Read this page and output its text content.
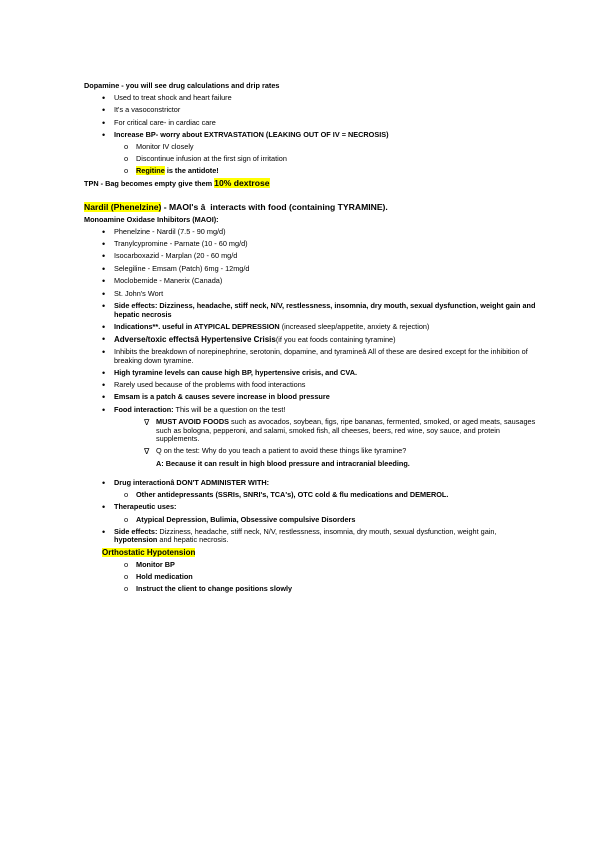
Dopamine - you will see drug calculations and drip rates
•	Used to treat shock and heart failure
•	It's a vasoconstrictor
•	For critical care- in cardiac care
•	Increase BP- worry about EXTRVASTATION (LEAKING OUT OF IV = NECROSIS)
o	Monitor IV closely
o	Discontinue infusion at the first sign of irritation
o	Regitine is the antidote!
TPN - Bag becomes empty give them 10% dextrose
Nardil (Phenelzine) - MAOI's â  interacts with food (containing TYRAMINE).
Monoamine Oxidase Inhibitors (MAOI):
•	Phenelzine - Nardil (7.5 - 90 mg/d)
•	Tranylcypromine - Parnate (10 - 60 mg/d)
•	Isocarboxazid - Marplan (20 - 60 mg/d
•	Selegiline - Emsam (Patch) 6mg - 12mg/d
•	Moclobemide - Manerix (Canada)
•	St. John's Wort
•	Side effects: Dizziness, headache, stiff neck, N/V, restlessness, insomnia, dry mouth, sexual dysfunction, weight gain and hepatic necrosis
•	Indications**. useful in ATYPICAL DEPRESSION (increased sleep/appetite, anxiety & rejection)
•	Adverse/toxic effectsâ Hypertensive Crisis(if you eat foods containing tyramine)
•	Inhibits the breakdown of norepinephrine, serotonin, dopamine, and tyramineâ All of these are desired except for the inhibition of breaking down tyramine.
•	High tyramine levels can cause high BP, hypertensive crisis, and CVA.
•	Rarely used because of the problems with food interactions
•	Emsam is a patch & causes severe increase in blood pressure
•	Food interaction: This will be a question on the test!
∇ MUST AVOID FOODS such as avocados, soybean, figs, ripe bananas, fermented, smoked, or aged meats, sausages such as bologna, pepperoni, and salami, smoked fish, all cheeses, beers, red wine, soy sauce, and protein supplements.
∇ Q on the test: Why do you teach a patient to avoid these things like tyramine?
A: Because it can result in high blood pressure and intracranial bleeding.
•	Drug interactionâ DON'T ADMINISTER WITH:
o	Other antidepressants (SSRIs, SNRI's, TCA's), OTC cold & flu medications and DEMEROL.
•	Therapeutic uses:
o	Atypical Depression, Bulimia, Obsessive compulsive Disorders
•	Side effects: Dizziness, headache, stiff neck, N/V, restlessness, insomnia, dry mouth, sexual dysfunction, weight gain, hypotension and hepatic necrosis.
Orthostatic Hypotension
o	Monitor BP
o	Hold medication
o	Instruct the client to change positions slowly
